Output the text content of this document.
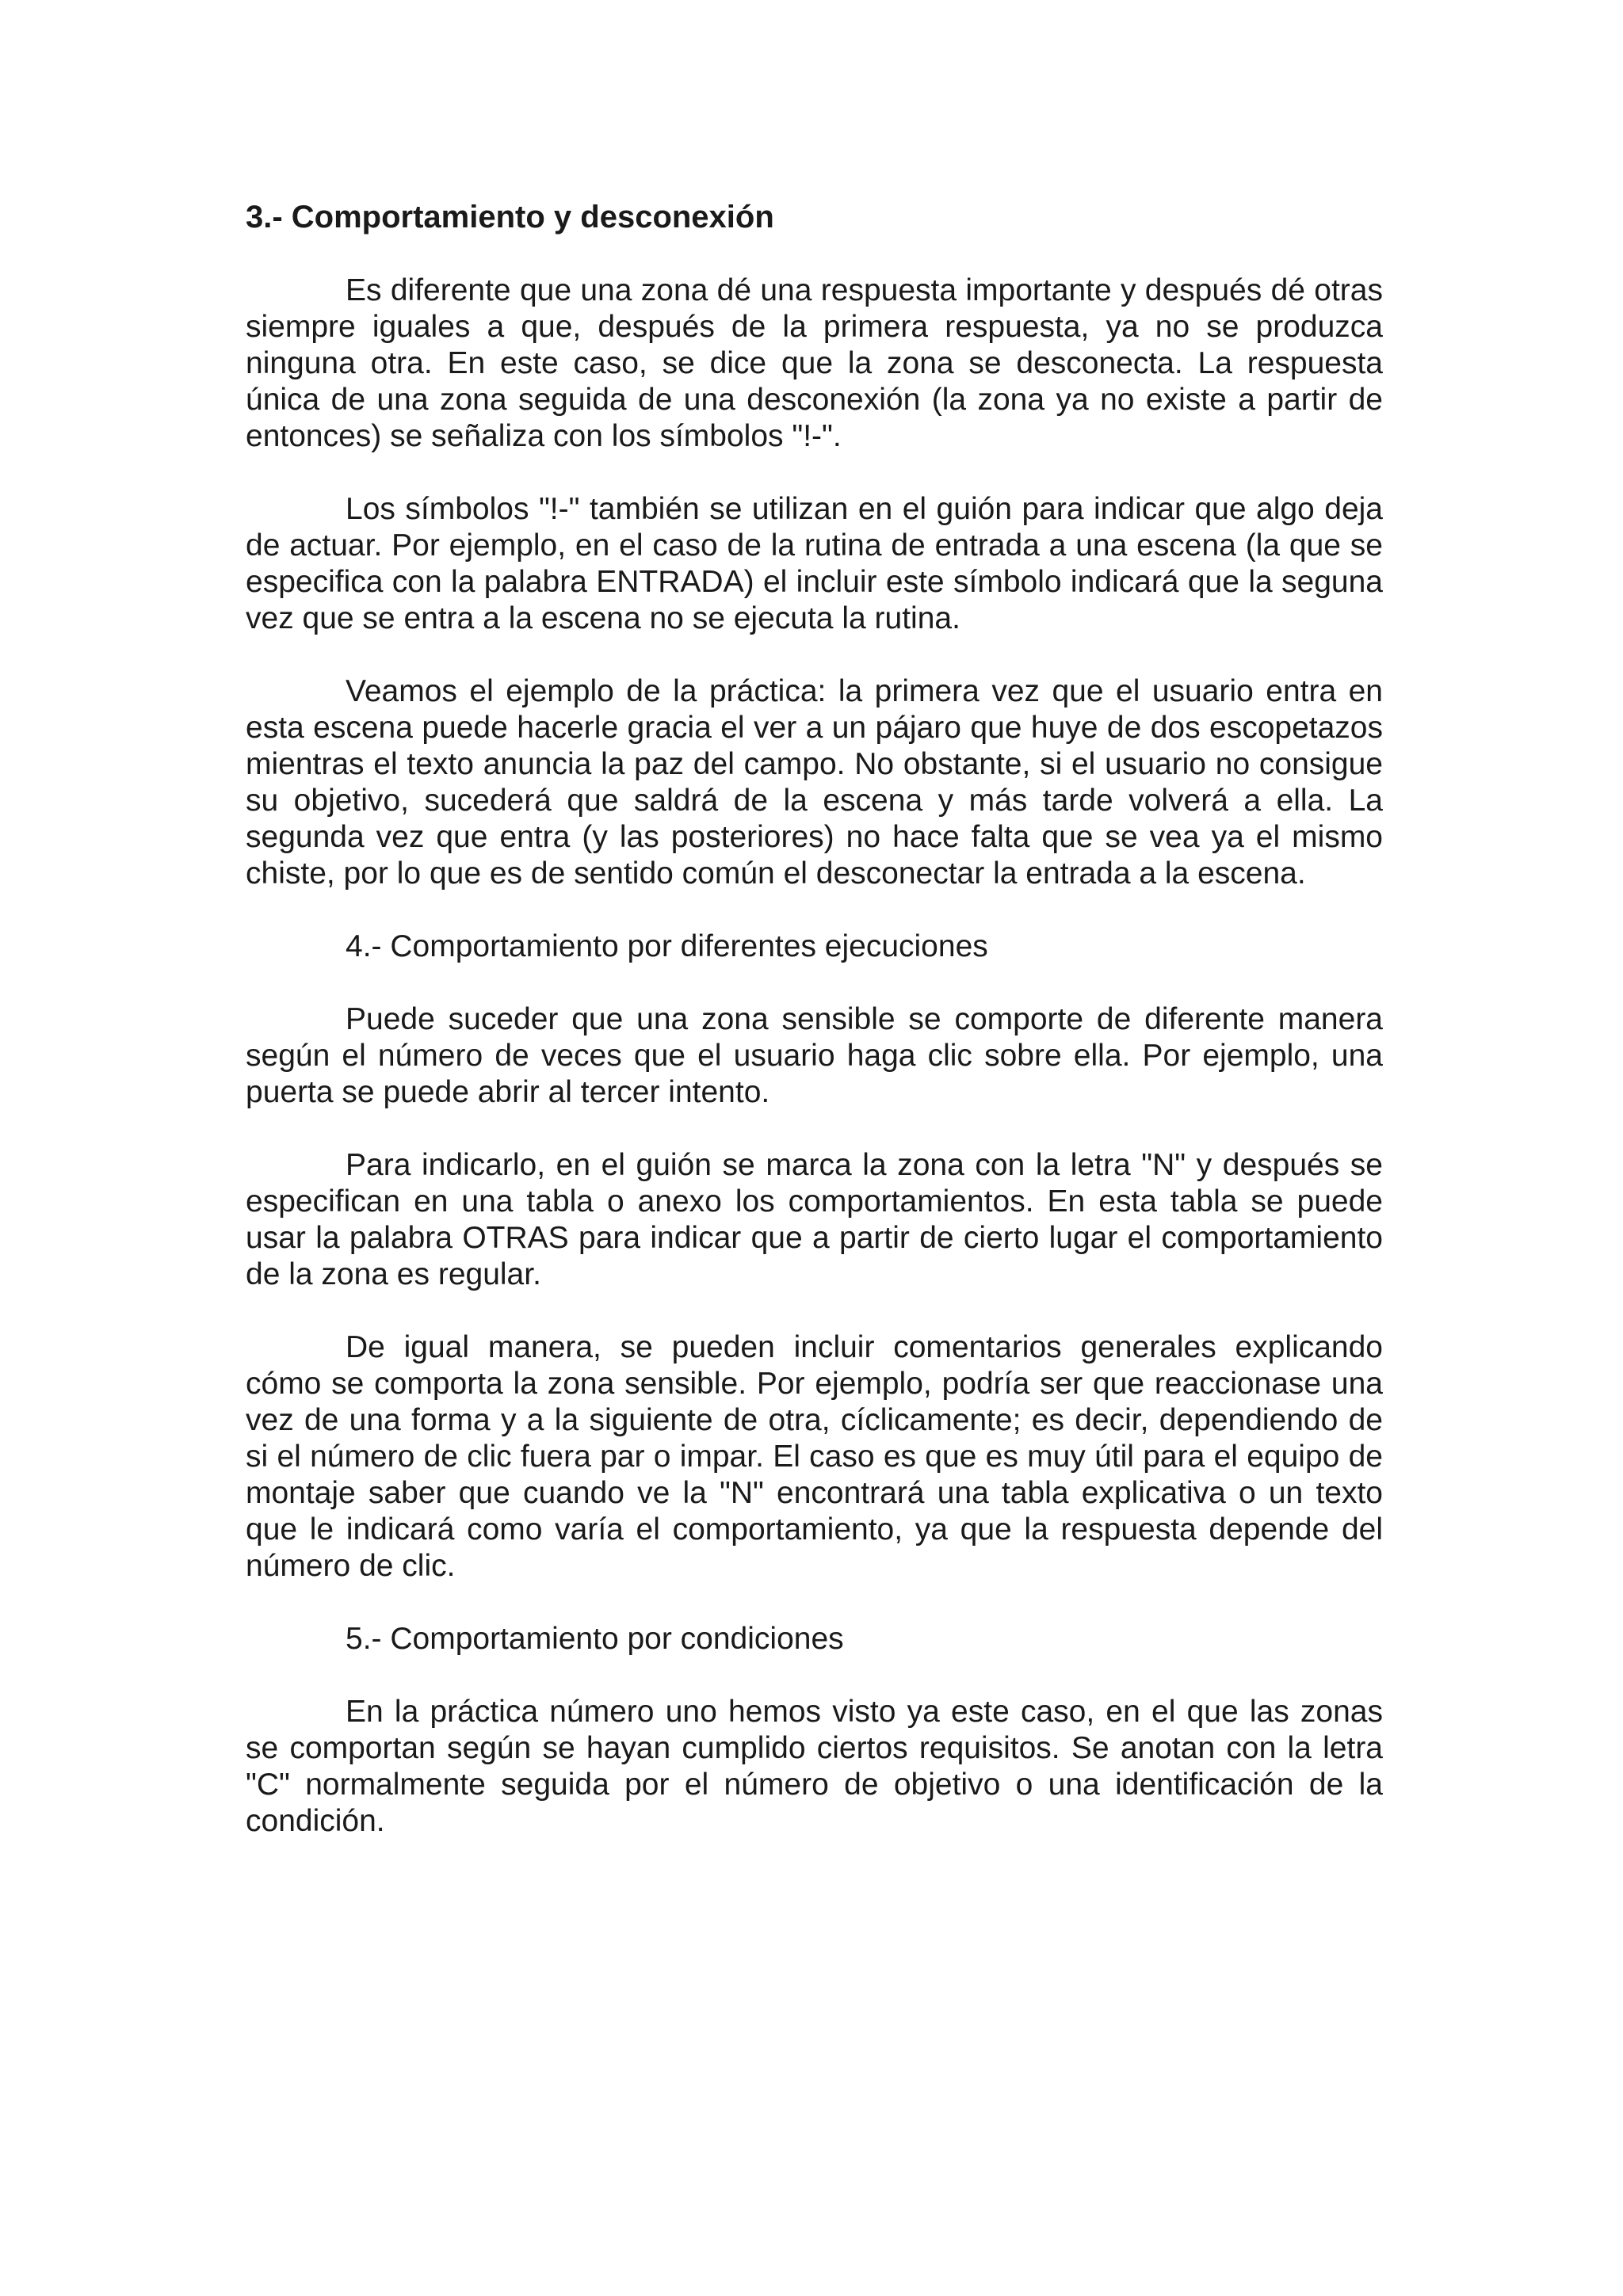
3.- Comportamiento y desconexión

Es diferente que una zona dé una respuesta importante y después dé otras siempre iguales a que, después de la primera respuesta, ya no se produzca ninguna otra. En este caso, se dice que la zona se desconecta. La respuesta única de una zona seguida de una desconexión (la zona ya no existe a partir de entonces) se señaliza con los símbolos "!-".

Los símbolos "!-" también se utilizan en el guión para indicar que algo deja de actuar. Por ejemplo, en el caso de la rutina de entrada a una escena (la que se especifica con la palabra ENTRADA) el incluir este símbolo indicará que la seguna vez que se entra a la escena no se ejecuta la rutina.

Veamos el ejemplo de la práctica: la primera vez que el usuario entra en esta escena puede hacerle gracia el ver a un pájaro que huye de dos escopetazos mientras el texto anuncia la paz del campo. No obstante, si el usuario no consigue su objetivo, sucederá que saldrá de la escena y más tarde volverá a ella. La segunda vez que entra (y las posteriores) no hace falta que se vea ya el mismo chiste, por lo que es de sentido común el desconectar la entrada a la escena.

4.- Comportamiento por diferentes ejecuciones

Puede suceder que una zona sensible se comporte de diferente manera según el número de veces que el usuario haga clic sobre ella. Por ejemplo, una puerta se puede abrir al tercer intento.

Para indicarlo, en el guión se marca la zona con la letra "N" y después se especifican en una tabla o anexo los comportamientos. En esta tabla se puede usar la palabra OTRAS para indicar que a partir de cierto lugar el comportamiento de la zona es regular.

De igual manera, se pueden incluir comentarios generales explicando cómo se comporta la zona sensible. Por ejemplo, podría ser que reaccionase una vez de una forma y a la siguiente de otra, cíclicamente; es decir, dependiendo de si el número de clic fuera par o impar. El caso es que es muy útil para el equipo de montaje saber que cuando ve la "N" encontrará una tabla explicativa o un texto que le indicará como varía el comportamiento, ya que la respuesta depende del número de clic.

5.- Comportamiento por condiciones

En la práctica número uno hemos visto ya este caso, en el que las zonas se comportan según se hayan cumplido ciertos requisitos. Se anotan con la letra "C" normalmente seguida por el número de objetivo o una identificación de la condición.
